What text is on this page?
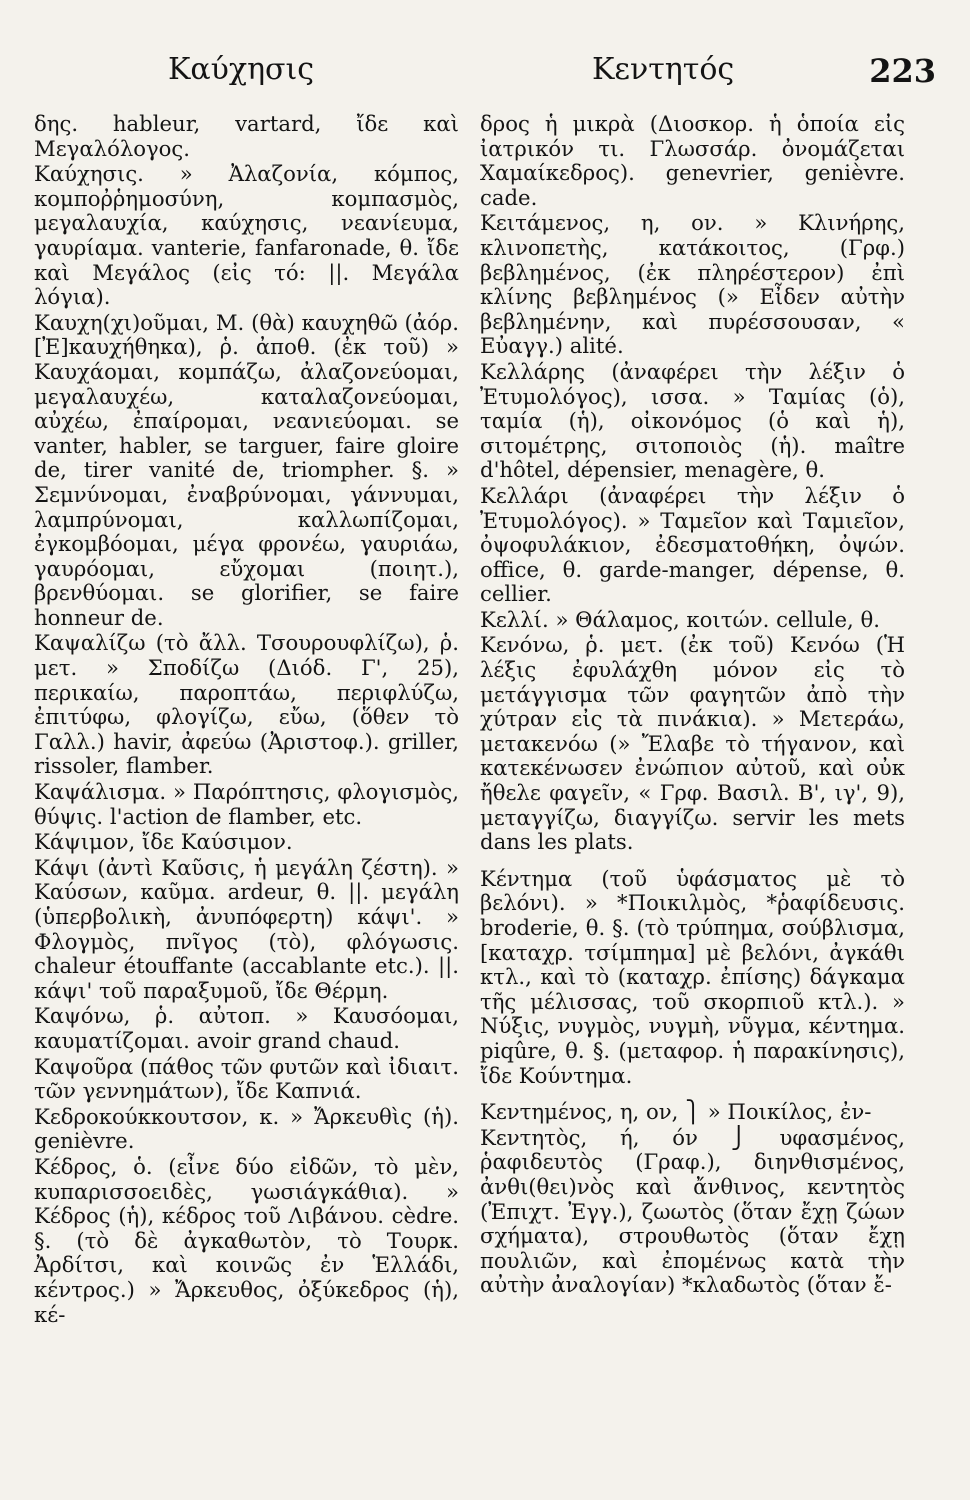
Καύχησις	Κεντητός	223

δης. hableur, vartard, ἴδε καὶ Μεγαλόλογος.

Καύχησις. » Ἀλαζονία, κόμπος, κομποῤῥημοσύνη, κομπασμὸς, μεγαλαυχία, καύχησις, νεανίευμα, γαυρίαμα. vanterie, fanfaronade, θ. ἴδε καὶ Μεγάλος (εἰς τό: ||. Μεγάλα λόγια).

Καυχη(χι)οῦμαι, Μ. (θὰ) καυχηθῶ (ἀόρ. [Ἐ]καυχήθηκα), ῥ. ἀποθ. (ἐκ τοῦ) » Καυχάομαι, κομπάζω, ἀλαζονεύομαι, μεγαλαυχέω, καταλαζονεύομαι, αὐχέω, ἐπαίρομαι, νεανιεύομαι. se vanter, habler, se targuer, faire gloire de, tirer vanité de, triompher. §. » Σεμνύνομαι, ἐναβρύνομαι, γάννυμαι, λαμπρύνομαι, καλλωπίζομαι, ἐγκομβόομαι, μέγα φρονέω, γαυριάω, γαυρόομαι, εὔχομαι (ποιητ.), βρενθύομαι. se glorifier, se faire honneur de.

Καψαλίζω (τὸ ἄλλ. Τσουρουφλίζω), ῥ. μετ. » Σποδίζω (Διόδ. Γ', 25), περικαίω, παροπτάω, περιφλύζω, ἐπιτύφω, φλογίζω, εὔω, (ὅθεν τὸ Γαλλ.) havir, ἀφεύω (Ἀριστοφ.). griller, rissoler, flamber.

Καψάλισμα. » Παρόπτησις, φλογισμὸς, θύψις. l'action de flamber, etc.

Κάψιμον, ἴδε Καύσιμον.

Κάψι (ἀντὶ Καῦσις, ἡ μεγάλη ζέστη). » Καύσων, καῦμα. ardeur, θ. ||. μεγάλη (ὑπερβολικὴ, ἀνυπόφερτη) κάψι'. » Φλογμὸς, πνῖγος (τὸ), φλόγωσις. chaleur étouffante (accablante etc.). ||. κάψι' τοῦ παραξυμοῦ, ἴδε Θέρμη.

Καψόνω, ῥ. αὐτοπ. » Καυσόομαι, καυματίζομαι. avoir grand chaud.

Καψοῦρα (πάθος τῶν φυτῶν καὶ ἰδιαιτ. τῶν γεννημάτων), ἴδε Καπνιά.

Κεδροκούκκουτσον, κ. » Ἄρκευθὶς (ἡ). genièvre.

Κέδρος, ὁ. (εἶνε δύο εἰδῶν, τὸ μὲν, κυπαρισσοειδὲς, γωσιάγκάθια). » Κέδρος (ἡ), κέδρος τοῦ Λιβάνου. cèdre. §. (τὸ δὲ ἀγκαθωτὸν, τὸ Τουρκ. Ἀρδίτσι, καὶ κοινῶς ἐν Ἑλλάδι, κέντρος.) » Ἄρκευθος, ὀξύκεδρος (ἡ), κέ-

δρος ἡ μικρὰ (Διοσκορ. ἡ ὁποία εἰς ἰατρικόν τι. Γλωσσάρ. ὀνομάζεται Χαμαίκεδρος). genevrier, genièvre. cade.

Κειτάμενος, η, ον. » Κλινήρης, κλινοπετὴς, κατάκοιτος, (Γρφ.) βεβλημένος, (ἐκ πληρέστερον) ἐπὶ κλίνης βεβλημένος (» Εἶδεν αὐτὴν βεβλημένην, καὶ πυρέσσουσαν, « Εὐαγγ.) alité.

Κελλάρης (ἀναφέρει τὴν λέξιν ὁ Ἐτυμολόγος), ισσα. » Ταμίας (ὁ), ταμία (ἡ), οἰκονόμος (ὁ καὶ ἡ), σιτομέτρης, σιτοποιὸς (ἡ). maître d'hôtel, dépensier, menagère, θ.

Κελλάρι (ἀναφέρει τὴν λέξιν ὁ Ἐτυμολόγος). » Ταμεῖον καὶ Ταμιεῖον, ὀψοφυλάκιον, ἐδεσματοθήκη, ὀψών. office, θ. garde-manger, dépense, θ. cellier.

Κελλί. » Θάλαμος, κοιτών. cellule, θ.

Κενόνω, ῥ. μετ. (ἐκ τοῦ) Κενόω (Ἡ λέξις ἐφυλάχθη μόνον εἰς τὸ μετάγγισμα τῶν φαγητῶν ἀπὸ τὴν χύτραν εἰς τὰ πινάκια). » Μετεράω, μετακενόω (» Ἔλαβε τὸ τήγανον, καὶ κατεκένωσεν ἐνώπιον αὐτοῦ, καὶ οὐκ ἤθελε φαγεῖν, « Γρφ. Βασιλ. Β', ιγ', 9), μεταγγίζω, διαγγίζω. servir les mets dans les plats.

Κέντημα (τοῦ ὑφάσματος μὲ τὸ βελόνι). » *Ποικιλμὸς, *ῥαφίδευσις. broderie, θ. §. (τὸ τρύπημα, σούβλισμα, [καταχρ. τσίμπημα] μὲ βελόνι, ἀγκάθι κτλ., καὶ τὸ (καταχρ. ἐπίσης) δάγκαμα τῆς μέλισσας, τοῦ σκορπιοῦ κτλ.). » Νύξις, νυγμὸς, νυγμὴ, νῦγμα, κέντημα. piqûre, θ. §. (μεταφορ. ἡ παρακίνησις), ἴδε Κούντημα.

Κεντημένος, η, ον, ⎫ » Ποικίλος, ἐν-

Κεντητὸς, ή, όν ⎭ υφασμένος, ῥαφιδευτὸς (Γραφ.), διηνθισμένος, ἀνθι(θει)νὸς καὶ ἄνθινος, κεντητὸς (Ἐπιχτ. Ἐγγ.), ζωωτὸς (ὅταν ἔχῃ ζώων σχήματα), στρουθωτὸς (ὅταν ἔχῃ πουλιῶν, καὶ ἐπομένως κατὰ τὴν αὐτὴν ἀναλογίαν) *κλαδωτὸς (ὅταν ἔ-
